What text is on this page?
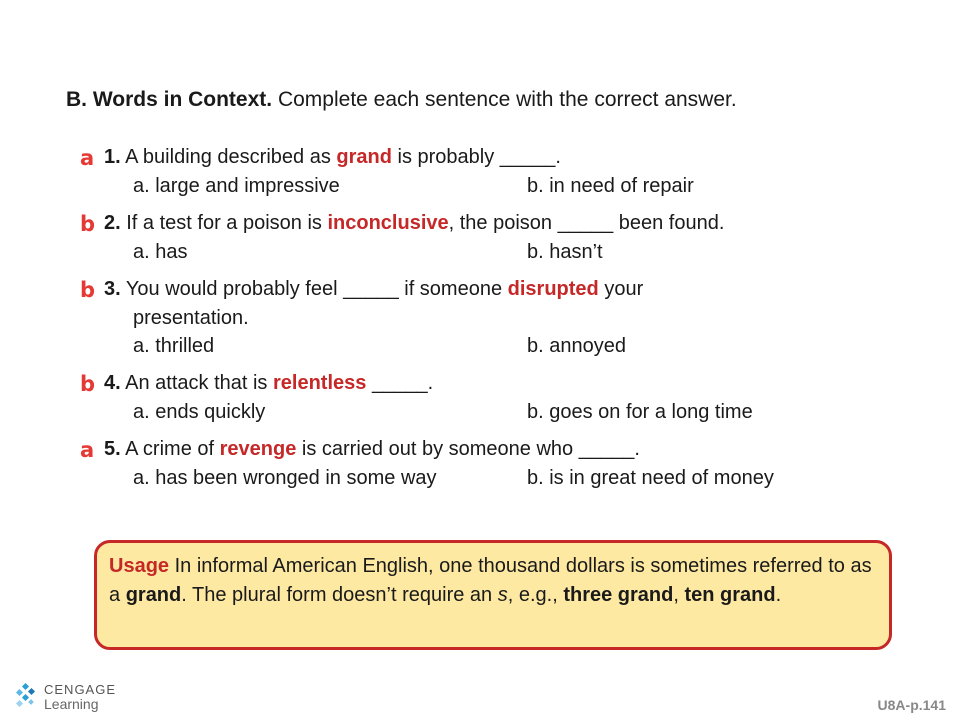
B. Words in Context. Complete each sentence with the correct answer.
a 1. A building described as grand is probably _____.
a. large and impressive	b. in need of repair
b 2. If a test for a poison is inconclusive, the poison _____ been found.
a. has	b. hasn’t
b 3. You would probably feel _____ if someone disrupted your
presentation.
a. thrilled	b. annoyed
b 4. An attack that is relentless _____.
a. ends quickly	b. goes on for a long time
a 5. A crime of revenge is carried out by someone who _____.
a. has been wronged in some way	b. is in great need of money
Usage In informal American English, one thousand dollars is sometimes referred to as a grand. The plural form doesn’t require an s, e.g., three grand, ten grand.
CENGAGE
Learning	U8A-p.141
